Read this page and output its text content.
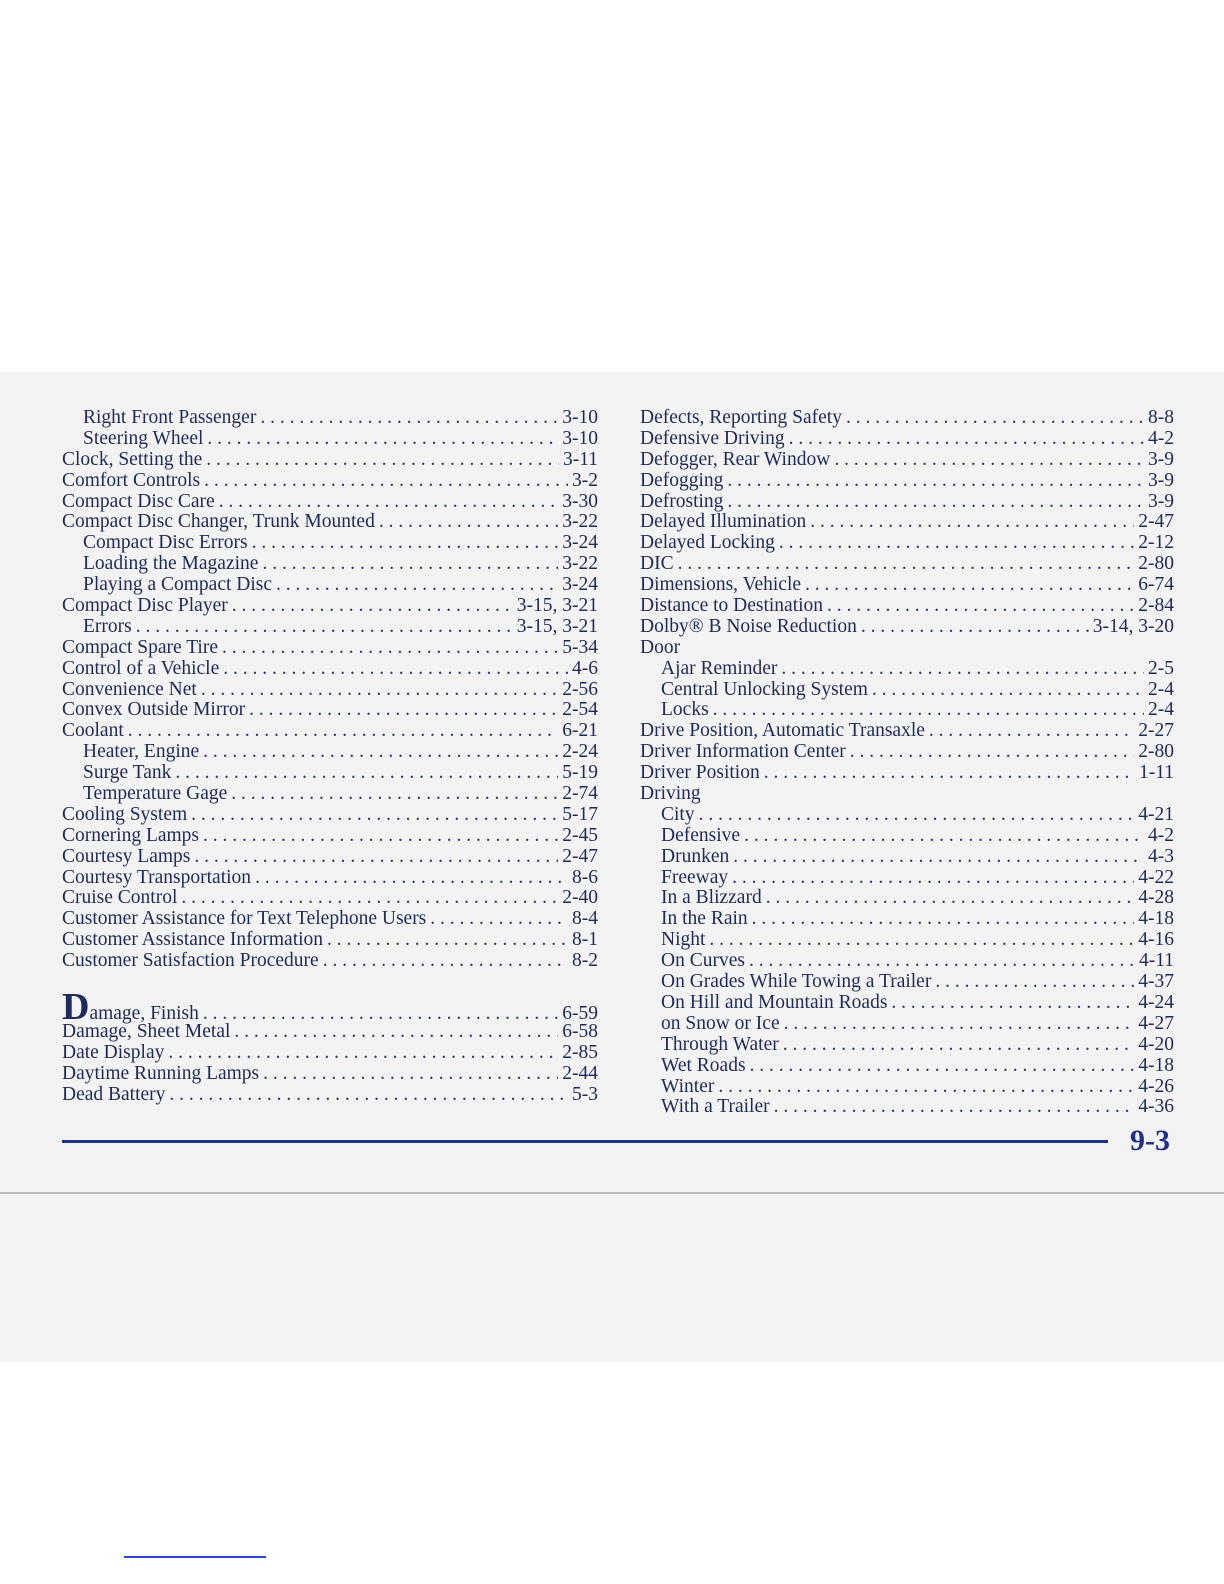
Right Front Passenger . . .	3-10
Steering Wheel . . .	3-10
Clock, Setting the . . .	3-11
Comfort Controls . . .	3-2
Compact Disc Care . . .	3-30
Compact Disc Changer, Trunk Mounted . . .	3-22
Compact Disc Errors . . .	3-24
Loading the Magazine . . .	3-22
Playing a Compact Disc . . .	3-24
Compact Disc Player . . .	3-15, 3-21
Errors . . .	3-15, 3-21
Compact Spare Tire . . .	5-34
Control of a Vehicle . . .	4-6
Convenience Net . . .	2-56
Convex Outside Mirror . . .	2-54
Coolant . . .	6-21
Heater, Engine . . .	2-24
Surge Tank . . .	5-19
Temperature Gage . . .	2-74
Cooling System . . .	5-17
Cornering Lamps . . .	2-45
Courtesy Lamps . . .	2-47
Courtesy Transportation . . .	8-6
Cruise Control . . .	2-40
Customer Assistance for Text Telephone Users . . .	8-4
Customer Assistance Information . . .	8-1
Customer Satisfaction Procedure . . .	8-2
Damage, Finish . . .	6-59
Damage, Sheet Metal . . .	6-58
Date Display . . .	2-85
Daytime Running Lamps . . .	2-44
Dead Battery . . .	5-3
Defects, Reporting Safety . . .	8-8
Defensive Driving . . .	4-2
Defogger, Rear Window . . .	3-9
Defogging . . .	3-9
Defrosting . . .	3-9
Delayed Illumination . . .	2-47
Delayed Locking . . .	2-12
DIC . . .	2-80
Dimensions, Vehicle . . .	6-74
Distance to Destination . . .	2-84
Dolby® B Noise Reduction . . .	3-14, 3-20
Door
Ajar Reminder . . .	2-5
Central Unlocking System . . .	2-4
Locks . . .	2-4
Drive Position, Automatic Transaxle . . .	2-27
Driver Information Center . . .	2-80
Driver Position . . .	1-11
Driving
City . . .	4-21
Defensive . . .	4-2
Drunken . . .	4-3
Freeway . . .	4-22
In a Blizzard . . .	4-28
In the Rain . . .	4-18
Night . . .	4-16
On Curves . . .	4-11
On Grades While Towing a Trailer . . .	4-37
On Hill and Mountain Roads . . .	4-24
on Snow or Ice . . .	4-27
Through Water . . .	4-20
Wet Roads . . .	4-18
Winter . . .	4-26
With a Trailer . . .	4-36
9-3
